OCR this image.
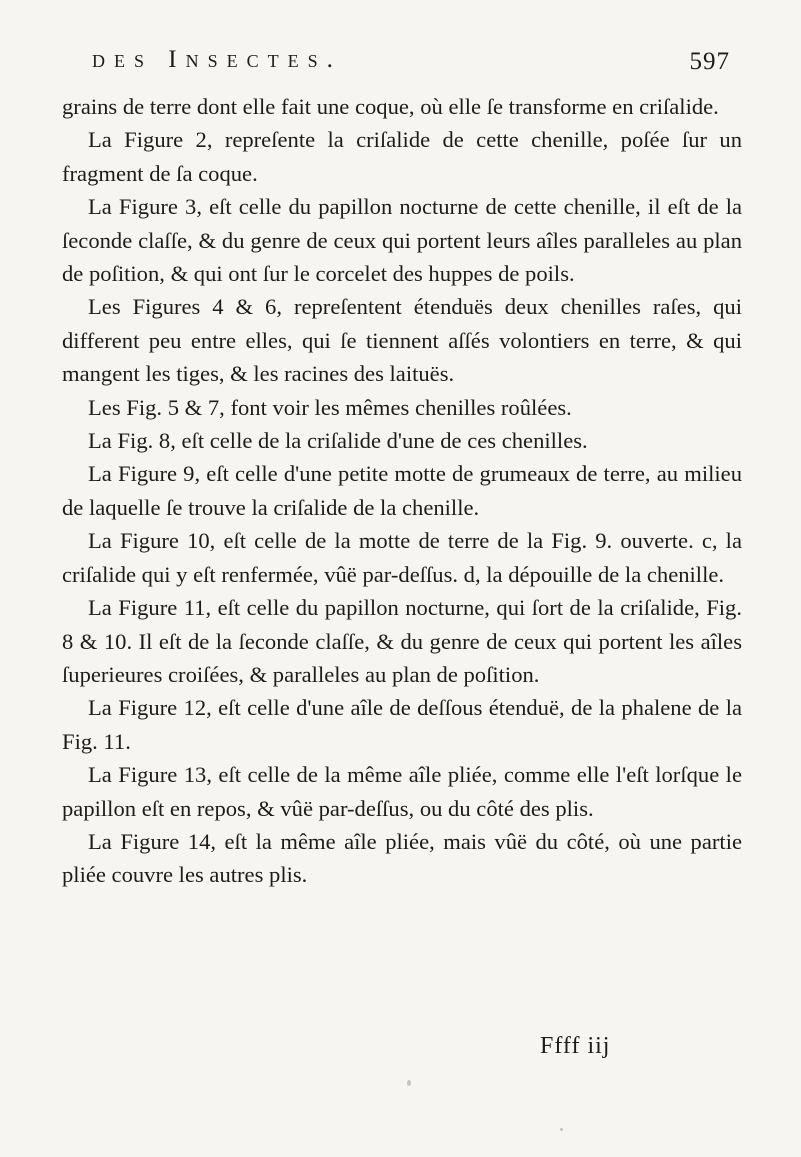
des Insectes.	597

grains de terre dont elle fait une coque, où elle ſe transforme en criſalide.

La Figure 2, repreſente la criſalide de cette chenille, poſée ſur un fragment de ſa coque.

La Figure 3, eſt celle du papillon nocturne de cette chenille, il eſt de la ſeconde claſſe, & du genre de ceux qui portent leurs aîles paralleles au plan de poſition, & qui ont ſur le corcelet des huppes de poils.

Les Figures 4 & 6, repreſentent étenduës deux chenilles raſes, qui different peu entre elles, qui ſe tiennent aſſés volontiers en terre, & qui mangent les tiges, & les racines des laituës.

Les Fig. 5 & 7, font voir les mêmes chenilles roûlées.

La Fig. 8, eſt celle de la criſalide d'une de ces chenilles.

La Figure 9, eſt celle d'une petite motte de grumeaux de terre, au milieu de laquelle ſe trouve la criſalide de la chenille.

La Figure 10, eſt celle de la motte de terre de la Fig. 9. ouverte. c, la criſalide qui y eſt renfermée, vûë par-deſſus. d, la dépouille de la chenille.

La Figure 11, eſt celle du papillon nocturne, qui ſort de la criſalide, Fig. 8 & 10. Il eſt de la ſeconde claſſe, & du genre de ceux qui portent les aîles ſuperieures croiſées, & paralleles au plan de poſition.

La Figure 12, eſt celle d'une aîle de deſſous étenduë, de la phalene de la Fig. 11.

La Figure 13, eſt celle de la même aîle pliée, comme elle l'eſt lorſque le papillon eſt en repos, & vûë par-deſſus, ou du côté des plis.

La Figure 14, eſt la même aîle pliée, mais vûë du côté, où une partie pliée couvre les autres plis.

Ffff iij
